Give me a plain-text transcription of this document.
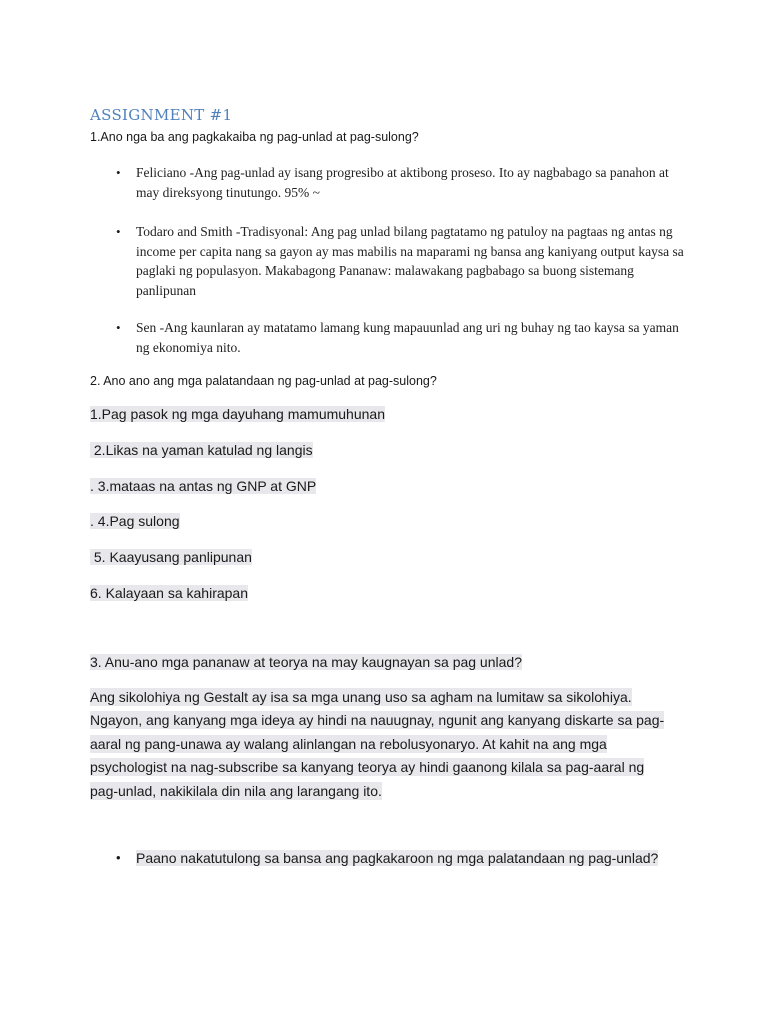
ASSIGNMENT #1
1.Ano nga ba ang pagkakaiba ng pag-unlad at pag-sulong?
• Feliciano -Ang pag-unlad ay isang progresibo at aktibong proseso. Ito ay nagbabago sa panahon at may direksyong tinutungo. 95% ~
• Todaro and Smith -Tradisyonal: Ang pag unlad bilang pagtatamo ng patuloy na pagtaas ng antas ng income per capita nang sa gayon ay mas mabilis na maparami ng bansa ang kaniyang output kaysa sa paglaki ng populasyon. Makabagong Pananaw: malawakang pagbabago sa buong sistemang panlipunan
• Sen -Ang kaunlaran ay matatamo lamang kung mapauunlad ang uri ng buhay ng tao kaysa sa yaman ng ekonomiya nito.
2. Ano ano ang mga palatandaan ng pag-unlad at pag-sulong?
1.Pag pasok ng mga dayuhang mamumuhunan
2.Likas na yaman katulad ng langis
. 3.mataas na antas ng GNP at GNP
. 4.Pag sulong
5. Kaayusang panlipunan
6. Kalayaan sa kahirapan
3. Anu-ano mga pananaw at teorya na may kaugnayan sa pag unlad?
Ang sikolohiya ng Gestalt ay isa sa mga unang uso sa agham na lumitaw sa sikolohiya. Ngayon, ang kanyang mga ideya ay hindi na nauugnay, ngunit ang kanyang diskarte sa pag-aaral ng pang-unawa ay walang alinlangan na rebolusyonaryo. At kahit na ang mga psychologist na nag-subscribe sa kanyang teorya ay hindi gaanong kilala sa pag-aaral ng pag-unlad, nakikilala din nila ang larangang ito.
• Paano nakatutulong sa bansa ang pagkakaroon ng mga palatandaan ng pag-unlad?
